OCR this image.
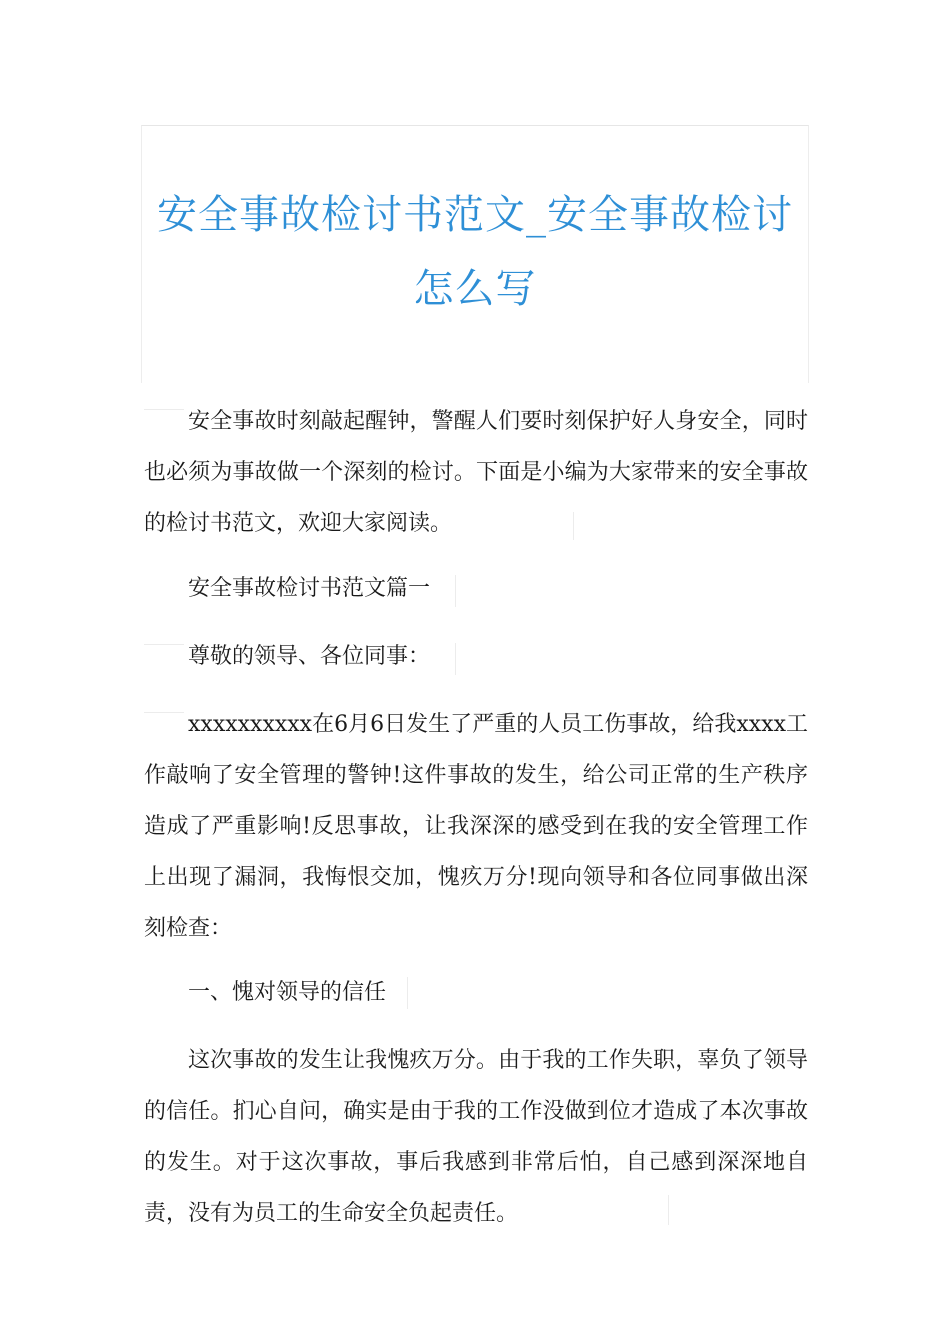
安全事故检讨书范文_安全事故检讨
怎么写

安全事故时刻敲起醒钟，警醒人们要时刻保护好人身安全，同时也必须为事故做一个深刻的检讨。下面是小编为大家带来的安全事故的检讨书范文，欢迎大家阅读。

安全事故检讨书范文篇一

尊敬的领导、各位同事：

xxxxxxxxxx在6月6日发生了严重的人员工伤事故，给我xxxx工作敲响了安全管理的警钟!这件事故的发生，给公司正常的生产秩序造成了严重影响!反思事故，让我深深的感受到在我的安全管理工作上出现了漏洞，我悔恨交加，愧疚万分!现向领导和各位同事做出深刻检查：

一、愧对领导的信任

这次事故的发生让我愧疚万分。由于我的工作失职，辜负了领导的信任。扪心自问，确实是由于我的工作没做到位才造成了本次事故的发生。对于这次事故，事后我感到非常后怕，自己感到深深地自责，没有为员工的生命安全负起责任。
